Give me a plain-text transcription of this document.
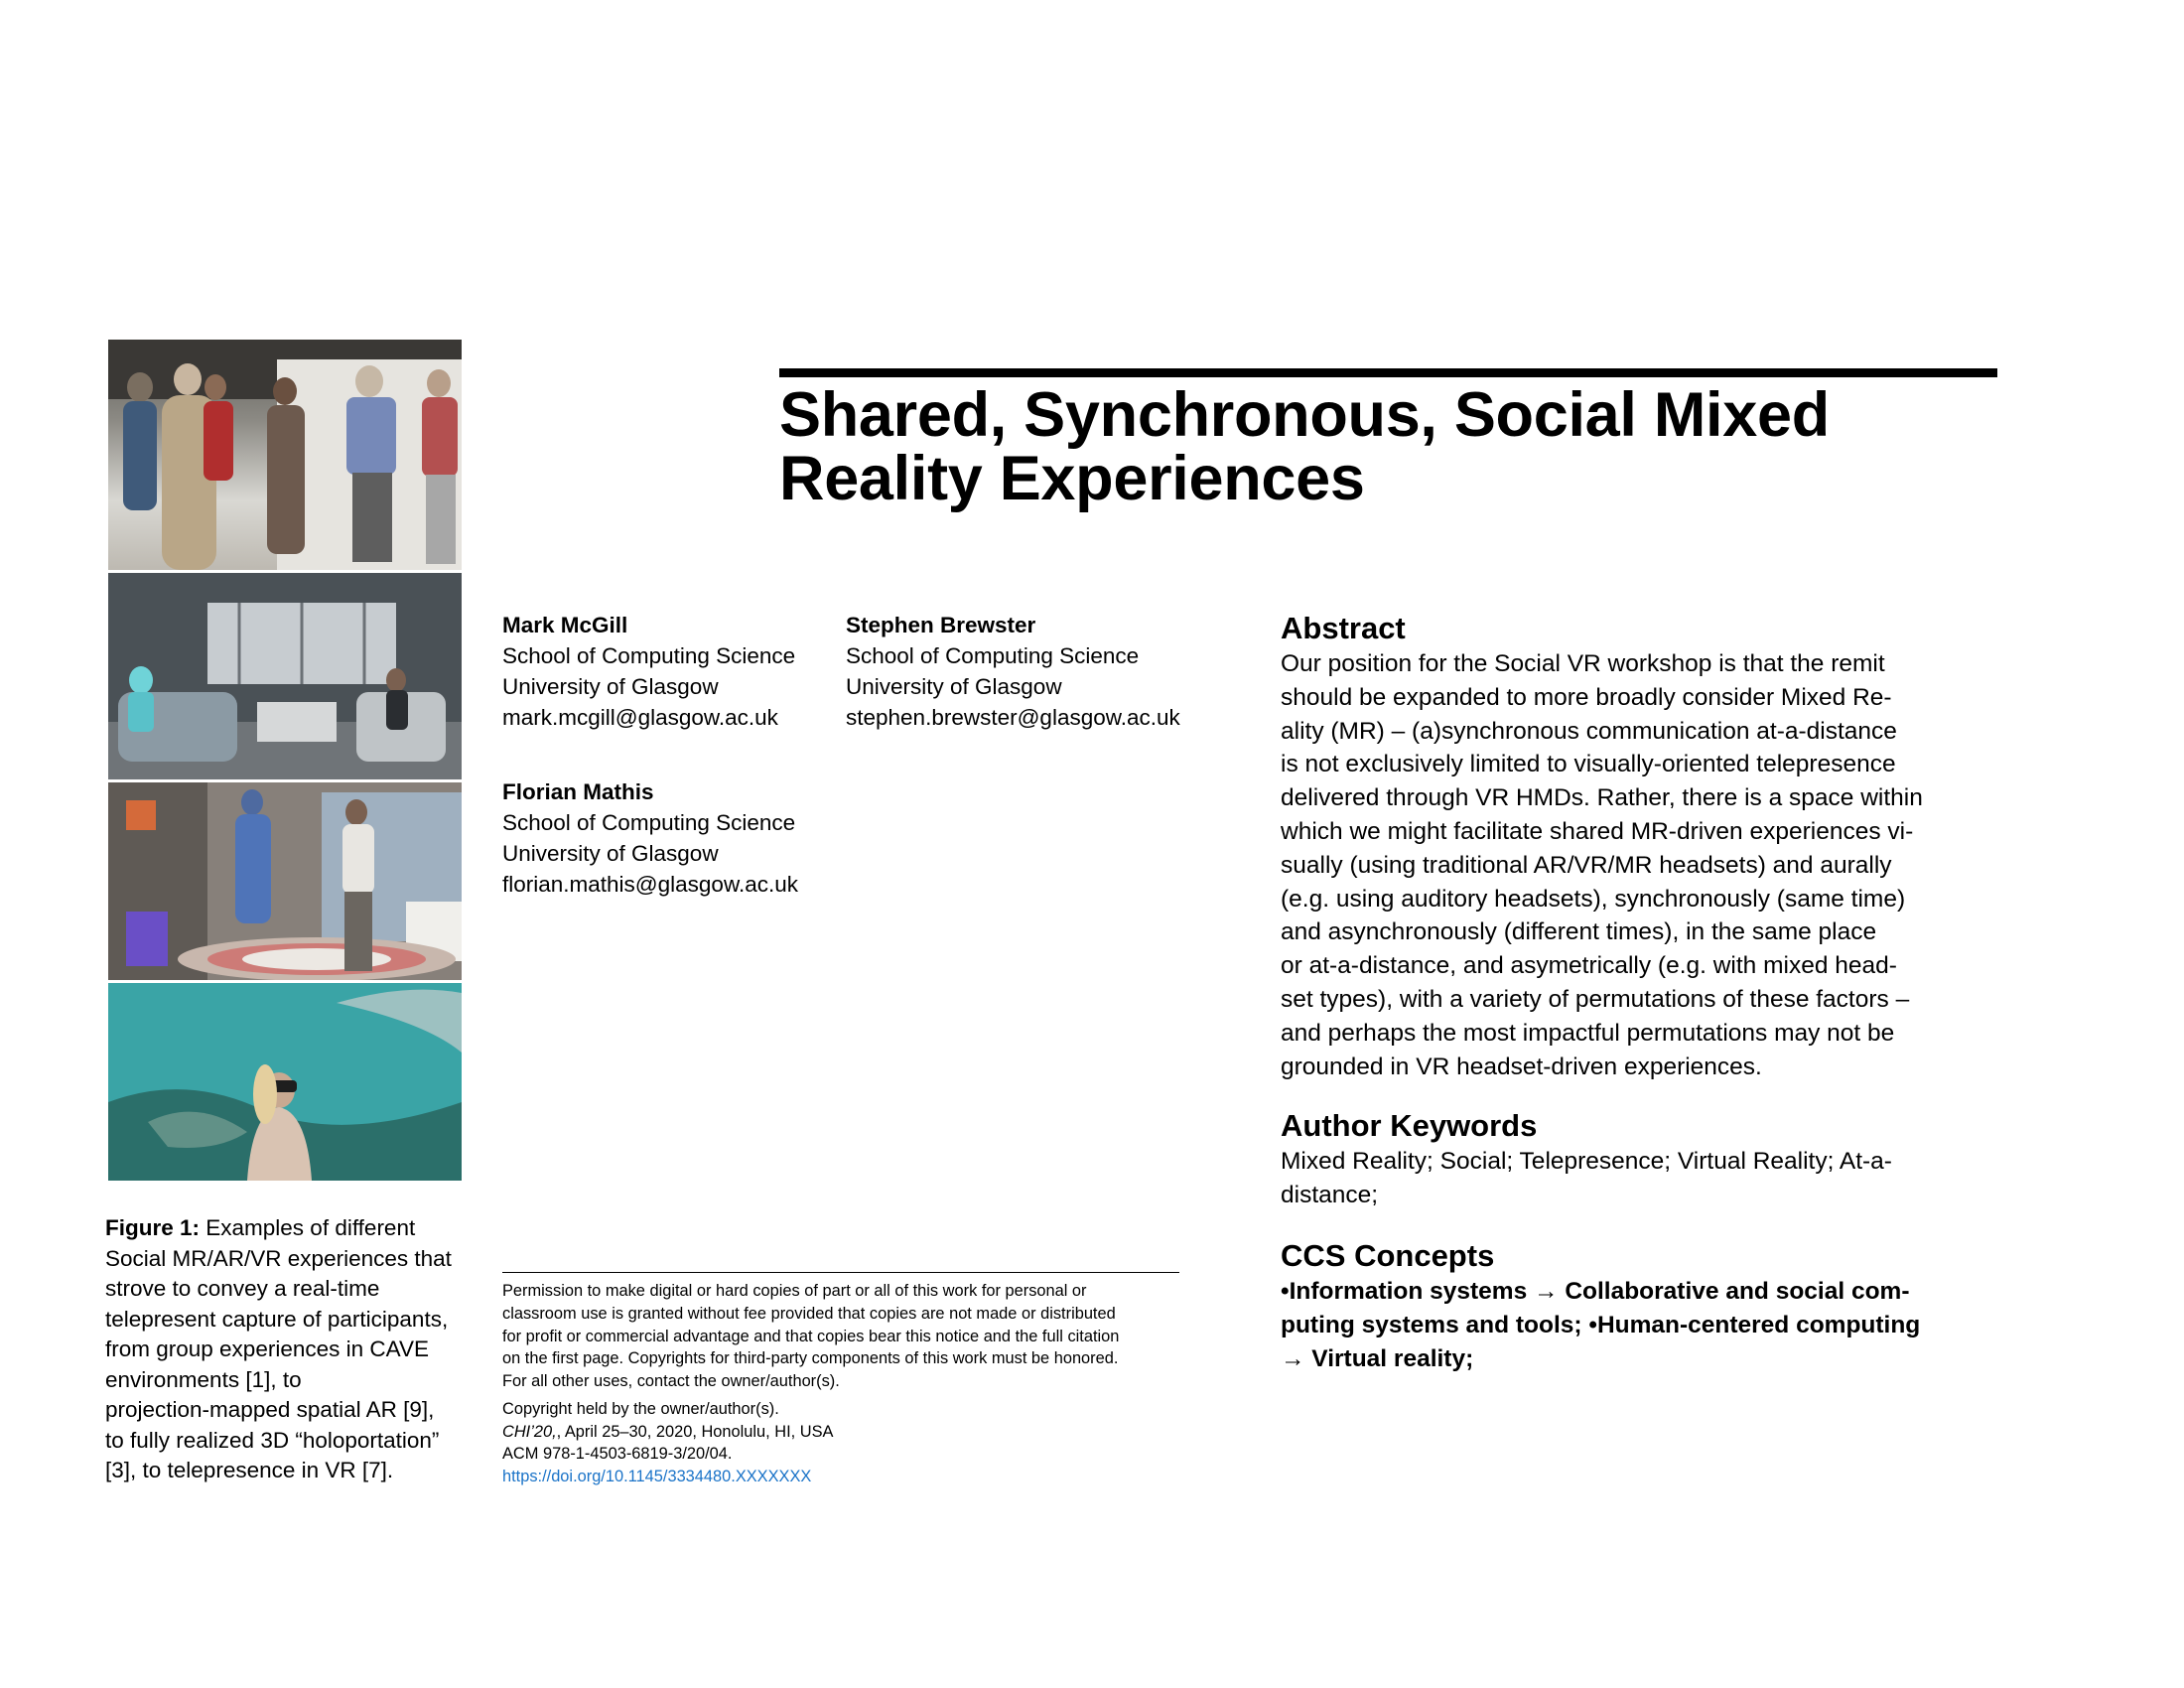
Figure 1: Examples of different

Social MR/AR/VR experiences that
strove to convey a real-time
telepresent capture of participants,
from group experiences in CAVE
environments [1], to
projection-mapped spatial AR [9],
to fully realized 3D “holoportation”
[3], to telepresence in VR [7].
Shared, Synchronous, Social Mixed
Reality Experiences
Mark McGill
School of Computing Science
University of Glasgow
mark.mcgill@glasgow.ac.uk
Stephen Brewster
School of Computing Science
University of Glasgow
stephen.brewster@glasgow.ac.uk
Florian Mathis
School of Computing Science
University of Glasgow
florian.mathis@glasgow.ac.uk
Permission to make digital or hard copies of part or all of this work for personal or
classroom use is granted without fee provided that copies are not made or distributed
for profit or commercial advantage and that copies bear this notice and the full citation
on the first page. Copyrights for third-party components of this work must be honored.
For all other uses, contact the owner/author(s).
Copyright held by the owner/author(s).
CHI’20,, April 25–30, 2020, Honolulu, HI, USA
ACM 978-1-4503-6819-3/20/04.
https://doi.org/10.1145/3334480.XXXXXXX
Abstract
Our position for the Social VR workshop is that the remit
should be expanded to more broadly consider Mixed Re-
ality (MR) – (a)synchronous communication at-a-distance
is not exclusively limited to visually-oriented telepresence
delivered through VR HMDs. Rather, there is a space within
which we might facilitate shared MR-driven experiences vi-
sually (using traditional AR/VR/MR headsets) and aurally
(e.g. using auditory headsets), synchronously (same time)
and asynchronously (different times), in the same place
or at-a-distance, and asymetrically (e.g. with mixed head-
set types), with a variety of permutations of these factors –
and perhaps the most impactful permutations may not be
grounded in VR headset-driven experiences.
Author Keywords
Mixed Reality; Social; Telepresence; Virtual Reality; At-a-
distance;
CCS Concepts
•Information systems → Collaborative and social com-
puting systems and tools; •Human-centered computing
→ Virtual reality;
